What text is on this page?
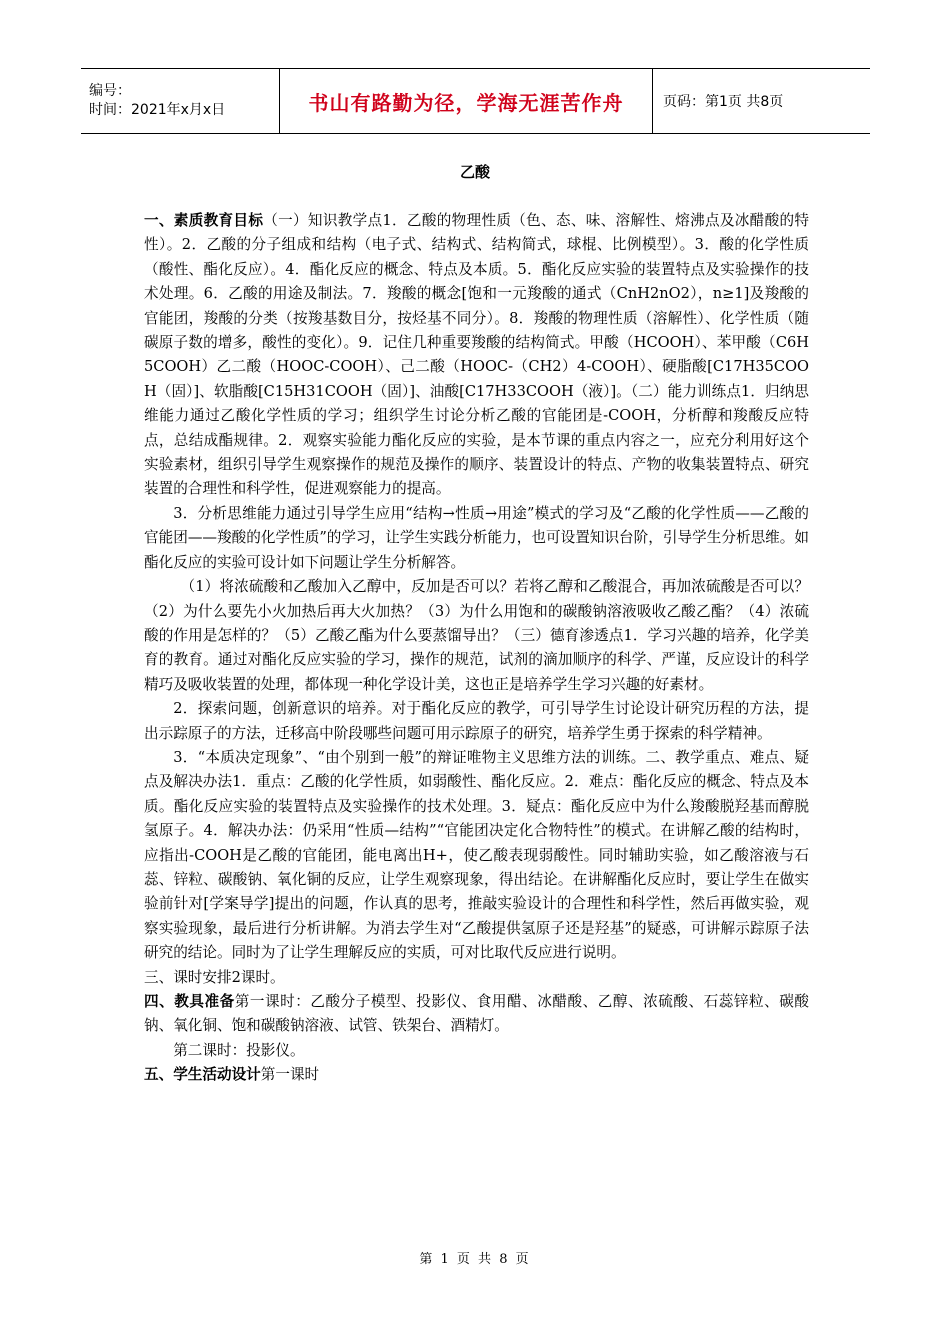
编号：
时间：2021年x月x日	书山有路勤为径，学海无涯苦作舟	页码：第1页 共8页
乙酸

一、素质教育目标（一）知识教学点1．乙酸的物理性质（色、态、味、溶解性、熔沸点及冰醋酸的特性）。2．乙酸的分子组成和结构（电子式、结构式、结构简式，球棍、比例模型）。3．酸的化学性质（酸性、酯化反应）。4．酯化反应的概念、特点及本质。5．酯化反应实验的装置特点及实验操作的技术处理。6．乙酸的用途及制法。7．羧酸的概念[饱和一元羧酸的通式（CnH2nO2），n≥1]及羧酸的官能团，羧酸的分类（按羧基数目分，按烃基不同分）。8．羧酸的物理性质（溶解性）、化学性质（随碳原子数的增多，酸性的变化）。9．记住几种重要羧酸的结构简式。甲酸（HCOOH）、苯甲酸（C6H5COOH）乙二酸（HOOC-COOH）、己二酸（HOOC-（CH2）4-COOH）、硬脂酸[C17H35COOH（固）]、软脂酸[C15H31COOH（固）]、油酸[C17H33COOH（液）]。（二）能力训练点1．归纳思维能力通过乙酸化学性质的学习；组织学生讨论分析乙酸的官能团是-COOH，分析醇和羧酸反应特点，总结成酯规律。2．观察实验能力酯化反应的实验，是本节课的重点内容之一，应充分利用好这个实验素材，组织引导学生观察操作的规范及操作的顺序、装置设计的特点、产物的收集装置特点、研究装置的合理性和科学性，促进观察能力的提高。

3．分析思维能力通过引导学生应用“结构→性质→用途”模式的学习及“乙酸的化学性质——乙酸的官能团——羧酸的化学性质”的学习，让学生实践分析能力，也可设置知识台阶，引导学生分析思维。如酯化反应的实验可设计如下问题让学生分析解答。

（1）将浓硫酸和乙酸加入乙醇中，反加是否可以？若将乙醇和乙酸混合，再加浓硫酸是否可以？（2）为什么要先小火加热后再大火加热？（3）为什么用饱和的碳酸钠溶液吸收乙酸乙酯？（4）浓硫酸的作用是怎样的？（5）乙酸乙酯为什么要蒸馏导出？（三）德育渗透点1．学习兴趣的培养，化学美育的教育。通过对酯化反应实验的学习，操作的规范，试剂的滴加顺序的科学、严谨，反应设计的科学精巧及吸收装置的处理，都体现一种化学设计美，这也正是培养学生学习兴趣的好素材。

2．探索问题，创新意识的培养。对于酯化反应的教学，可引导学生讨论设计研究历程的方法，提出示踪原子的方法，迁移高中阶段哪些问题可用示踪原子的研究，培养学生勇于探索的科学精神。

3．“本质决定现象”、“由个别到一般”的辩证唯物主义思维方法的训练。二、教学重点、难点、疑点及解决办法1．重点：乙酸的化学性质，如弱酸性、酯化反应。2．难点：酯化反应的概念、特点及本质。酯化反应实验的装置特点及实验操作的技术处理。3．疑点：酯化反应中为什么羧酸脱羟基而醇脱氢原子。4．解决办法：仍采用“性质—结构”“官能团决定化合物特性”的模式。在讲解乙酸的结构时，应指出-COOH是乙酸的官能团，能电离出H+，使乙酸表现弱酸性。同时辅助实验，如乙酸溶液与石蕊、锌粒、碳酸钠、氧化铜的反应，让学生观察现象，得出结论。在讲解酯化反应时，要让学生在做实验前针对[学案导学]提出的问题，作认真的思考，推敲实验设计的合理性和科学性，然后再做实验，观察实验现象，最后进行分析讲解。为消去学生对“乙酸提供氢原子还是羟基”的疑惑，可讲解示踪原子法研究的结论。同时为了让学生理解反应的实质，可对比取代反应进行说明。

三、课时安排2课时。

四、教具准备第一课时：乙酸分子模型、投影仪、食用醋、冰醋酸、乙醇、浓硫酸、石蕊锌粒、碳酸钠、氧化铜、饱和碳酸钠溶液、试管、铁架台、酒精灯。

第二课时：投影仪。

五、学生活动设计第一课时

第 1 页 共 8 页
